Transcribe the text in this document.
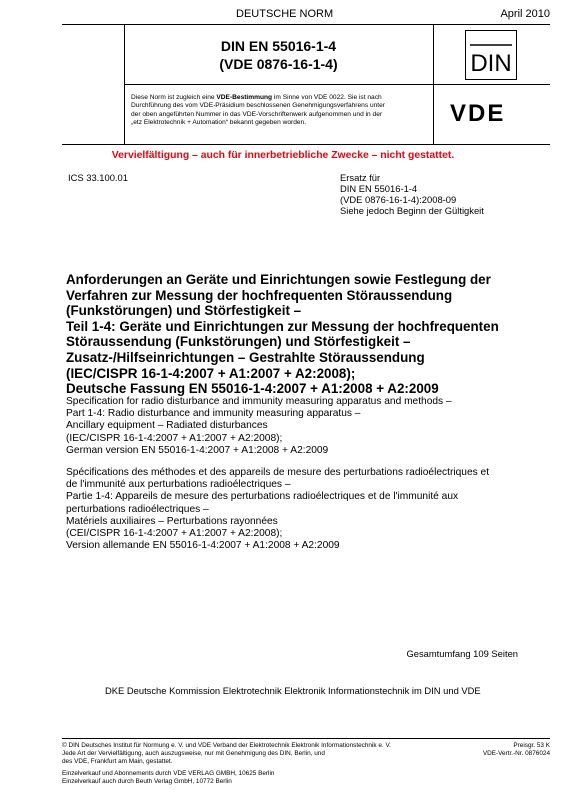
DEUTSCHE NORM	April 2010
DIN EN 55016-1-4
(VDE 0876-16-1-4)	DIN
Diese Norm ist zugleich eine VDE-Bestimmung im Sinne von VDE 0022. Sie ist nach
Durchführung des vom VDE-Präsidium beschlossenen Genehmigungsverfahrens unter
der oben angeführten Nummer in das VDE-Vorschriftenwerk aufgenommen und in der
„etz Elektrotechnik + Automation“ bekannt gegeben worden.	VDE
Vervielfältigung – auch für innerbetriebliche Zwecke – nicht gestattet.
ICS 33.100.01	Ersatz für
DIN EN 55016-1-4
(VDE 0876-16-1-4):2008-09
Siehe jedoch Beginn der Gültigkeit
Anforderungen an Geräte und Einrichtungen sowie Festlegung der
Verfahren zur Messung der hochfrequenten Störaussendung
(Funkstörungen) und Störfestigkeit –
Teil 1-4: Geräte und Einrichtungen zur Messung der hochfrequenten
Störaussendung (Funkstörungen) und Störfestigkeit –
Zusatz-/Hilfseinrichtungen – Gestrahlte Störaussendung
(IEC/CISPR 16-1-4:2007 + A1:2007 + A2:2008);
Deutsche Fassung EN 55016-1-4:2007 + A1:2008 + A2:2009
Specification for radio disturbance and immunity measuring apparatus and methods –
Part 1-4: Radio disturbance and immunity measuring apparatus –
Ancillary equipment – Radiated disturbances
(IEC/CISPR 16-1-4:2007 + A1:2007 + A2:2008);
German version EN 55016-1-4:2007 + A1:2008 + A2:2009
Spécifications des méthodes et des appareils de mesure des perturbations radioélectriques et
de l'immunité aux perturbations radioélectriques –
Partie 1-4: Appareils de mesure des perturbations radioélectriques et de l'immunité aux
perturbations radioélectriques –
Matériels auxiliaires – Perturbations rayonnées
(CEI/CISPR 16-1-4:2007 + A1:2007 + A2:2008);
Version allemande EN 55016-1-4:2007 + A1:2008 + A2:2009
Gesamtumfang 109 Seiten
DKE Deutsche Kommission Elektrotechnik Elektronik Informationstechnik im DIN und VDE
© DIN Deutsches Institut für Normung e. V. und VDE Verband der Elektrotechnik Elektronik Informationstechnik e. V.
Jede Art der Vervielfältigung, auch auszugsweise, nur mit Genehmigung des DIN, Berlin, und
des VDE, Frankfurt am Main, gestattet.
Einzelverkauf und Abonnements durch VDE VERLAG GMBH, 10625 Berlin
Einzelverkauf auch durch Beuth Verlag GmbH, 10772 Berlin
Preisgr. 53 K
VDE-Vertr.-Nr. 0876024
